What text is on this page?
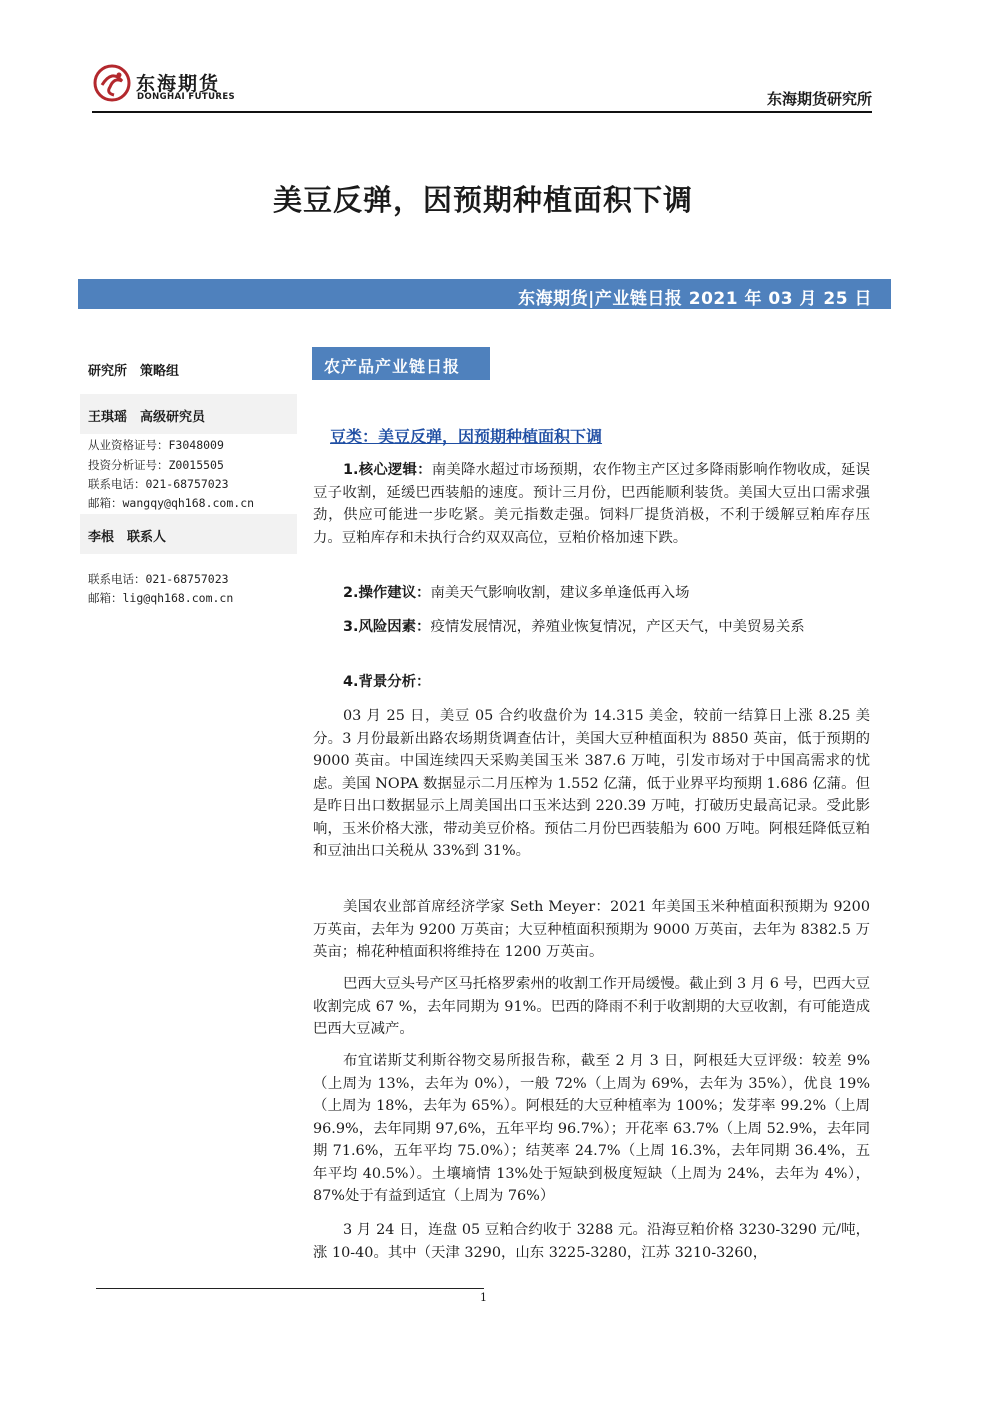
东海期货
DONGHAI FUTURES	东海期货研究所
美豆反弹，因预期种植面积下调
东海期货|产业链日报 2021 年 03 月 25 日
研究所　策略组
王琪瑶　高级研究员
从业资格证号：F3048009
投资分析证号：Z0015505
联系电话：021-68757023
邮箱：wangqy@qh168.com.cn
李根　联系人
联系电话：021-68757023
邮箱：lig@qh168.com.cn
农产品产业链日报
豆类：美豆反弹，因预期种植面积下调

1.核心逻辑：南美降水超过市场预期，农作物主产区过多降雨影响作物收成，延误豆子收割，延缓巴西装船的速度。预计三月份，巴西能顺利装货。美国大豆出口需求强劲，供应可能进一步吃紧。美元指数走强。饲料厂提货消极，不利于缓解豆粕库存压力。豆粕库存和未执行合约双双高位，豆粕价格加速下跌。

2.操作建议：南美天气影响收割，建议多单逢低再入场

3.风险因素：疫情发展情况，养殖业恢复情况，产区天气，中美贸易关系

4.背景分析：

03 月 25 日，美豆 05 合约收盘价为 14.315 美金，较前一结算日上涨 8.25 美分。3 月份最新出路农场期货调查估计，美国大豆种植面积为 8850 英亩，低于预期的 9000 英亩。中国连续四天采购美国玉米 387.6 万吨，引发市场对于中国高需求的忧虑。美国 NOPA 数据显示二月压榨为 1.552 亿蒲，低于业界平均预期 1.686 亿蒲。但是昨日出口数据显示上周美国出口玉米达到 220.39 万吨，打破历史最高记录。受此影响，玉米价格大涨，带动美豆价格。预估二月份巴西装船为 600 万吨。阿根廷降低豆粕和豆油出口关税从 33%到 31%。

美国农业部首席经济学家 Seth Meyer：2021 年美国玉米种植面积预期为 9200 万英亩，去年为 9200 万英亩；大豆种植面积预期为 9000 万英亩，去年为 8382.5 万英亩；棉花种植面积将维持在 1200 万英亩。

巴西大豆头号产区马托格罗索州的收割工作开局缓慢。截止到 3 月 6 号，巴西大豆收割完成 67 %，去年同期为 91%。巴西的降雨不利于收割期的大豆收割，有可能造成巴西大豆减产。

布宜诺斯艾利斯谷物交易所报告称，截至 2 月 3 日，阿根廷大豆评级：较差 9%（上周为 13%，去年为 0%），一般 72%（上周为 69%，去年为 35%），优良 19%（上周为 18%，去年为 65%）。阿根廷的大豆种植率为 100%；发芽率 99.2%（上周 96.9%，去年同期 97,6%，五年平均 96.7%）；开花率 63.7%（上周 52.9%，去年同期 71.6%，五年平均 75.0%）；结荚率 24.7%（上周 16.3%，去年同期 36.4%，五年平均 40.5%）。土壤墒情 13%处于短缺到极度短缺（上周为 24%，去年为 4%），87%处于有益到适宜（上周为 76%）

3 月 24 日，连盘 05 豆粕合约收于 3288 元。沿海豆粕价格 3230-3290 元/吨，涨 10-40。其中（天津 3290，山东 3225-3280，江苏 3210-3260，

1
